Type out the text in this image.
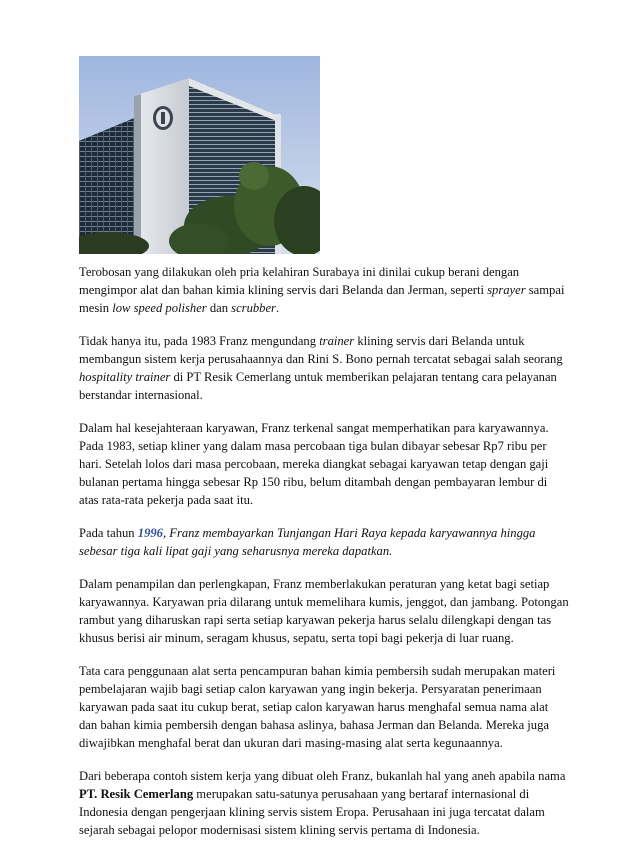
Terobosan yang dilakukan oleh pria kelahiran Surabaya ini dinilai cukup berani dengan mengimpor alat dan bahan kimia klining servis dari Belanda dan Jerman, seperti sprayer sampai mesin low speed polisher dan scrubber.

Tidak hanya itu, pada 1983 Franz mengundang trainer klining servis dari Belanda untuk membangun sistem kerja perusahaannya dan Rini S. Bono pernah tercatat sebagai salah seorang hospitality trainer di PT Resik Cemerlang untuk memberikan pelajaran tentang cara pelayanan berstandar internasional.

Dalam hal kesejahteraan karyawan, Franz terkenal sangat memperhatikan para karyawannya. Pada 1983, setiap kliner yang dalam masa percobaan tiga bulan dibayar sebesar Rp7 ribu per hari. Setelah lolos dari masa percobaan, mereka diangkat sebagai karyawan tetap dengan gaji bulanan pertama hingga sebesar Rp 150 ribu, belum ditambah dengan pembayaran lembur di atas rata-rata pekerja pada saat itu.

Pada tahun 1996, Franz membayarkan Tunjangan Hari Raya kepada karyawannya hingga sebesar tiga kali lipat gaji yang seharusnya mereka dapatkan.

Dalam penampilan dan perlengkapan, Franz memberlakukan peraturan yang ketat bagi setiap karyawannya. Karyawan pria dilarang untuk memelihara kumis, jenggot, dan jambang. Potongan rambut yang diharuskan rapi serta setiap karyawan pekerja harus selalu dilengkapi dengan tas khusus berisi air minum, seragam khusus, sepatu, serta topi bagi pekerja di luar ruang.

Tata cara penggunaan alat serta pencampuran bahan kimia pembersih sudah merupakan materi pembelajaran wajib bagi setiap calon karyawan yang ingin bekerja. Persyaratan penerimaan karyawan pada saat itu cukup berat, setiap calon karyawan harus menghafal semua nama alat dan bahan kimia pembersih dengan bahasa aslinya, bahasa Jerman dan Belanda. Mereka juga diwajibkan menghafal berat dan ukuran dari masing-masing alat serta kegunaannya.

Dari beberapa contoh sistem kerja yang dibuat oleh Franz, bukanlah hal yang aneh apabila nama PT. Resik Cemerlang merupakan satu-satunya perusahaan yang bertaraf internasional di Indonesia dengan pengerjaan klining servis sistem Eropa. Perusahaan ini juga tercatat dalam sejarah sebagai pelopor modernisasi sistem klining servis pertama di Indonesia.
